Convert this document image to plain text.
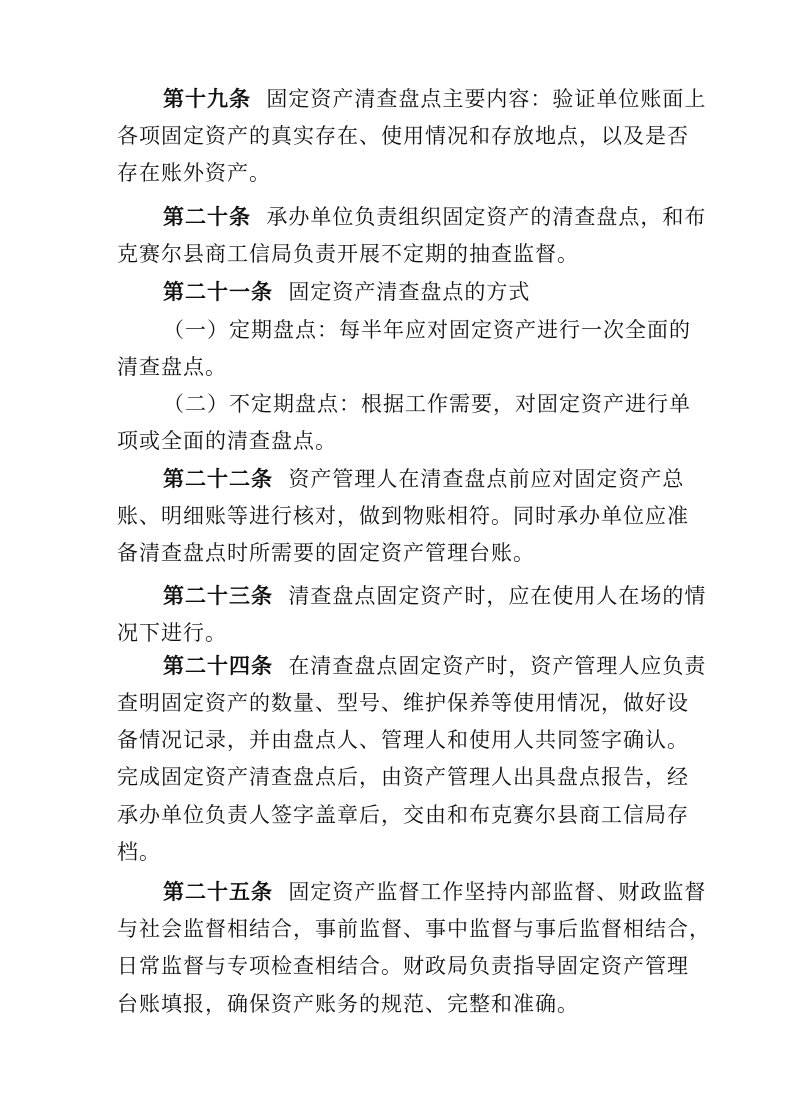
第十九条 固定资产清查盘点主要内容：验证单位账面上
各项固定资产的真实存在、使用情况和存放地点，以及是否
存在账外资产。
第二十条 承办单位负责组织固定资产的清查盘点，和布
克赛尔县商工信局负责开展不定期的抽查监督。
第二十一条 固定资产清查盘点的方式
（一）定期盘点：每半年应对固定资产进行一次全面的
清查盘点。
（二）不定期盘点：根据工作需要，对固定资产进行单
项或全面的清查盘点。
第二十二条 资产管理人在清查盘点前应对固定资产总
账、明细账等进行核对，做到物账相符。同时承办单位应准
备清查盘点时所需要的固定资产管理台账。
第二十三条 清查盘点固定资产时，应在使用人在场的情
况下进行。
第二十四条 在清查盘点固定资产时，资产管理人应负责
查明固定资产的数量、型号、维护保养等使用情况，做好设
备情况记录，并由盘点人、管理人和使用人共同签字确认。
完成固定资产清查盘点后，由资产管理人出具盘点报告，经
承办单位负责人签字盖章后，交由和布克赛尔县商工信局存
档。
第二十五条 固定资产监督工作坚持内部监督、财政监督
与社会监督相结合，事前监督、事中监督与事后监督相结合，
日常监督与专项检查相结合。财政局负责指导固定资产管理
台账填报，确保资产账务的规范、完整和准确。
